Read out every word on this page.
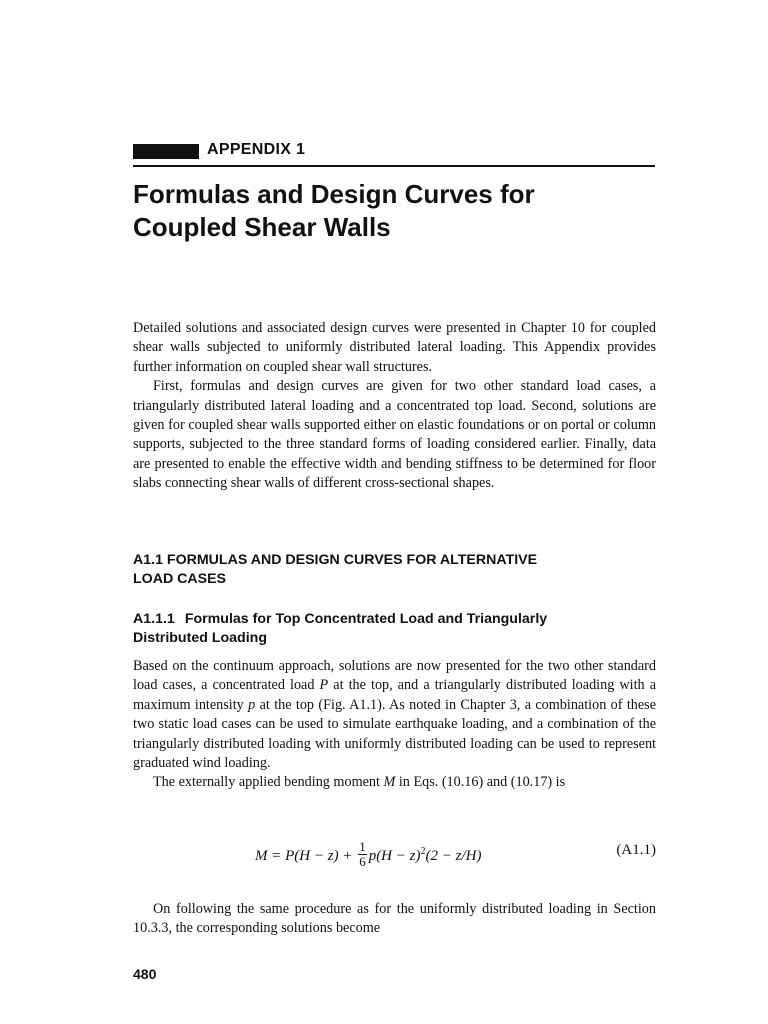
APPENDIX 1
Formulas and Design Curves for
Coupled Shear Walls

Detailed solutions and associated design curves were presented in Chapter 10 for coupled shear walls subjected to uniformly distributed lateral loading. This Appendix provides further information on coupled shear wall structures.

First, formulas and design curves are given for two other standard load cases, a triangularly distributed lateral loading and a concentrated top load. Second, solutions are given for coupled shear walls supported either on elastic foundations or on portal or column supports, subjected to the three standard forms of loading considered earlier. Finally, data are presented to enable the effective width and bending stiffness to be determined for floor slabs connecting shear walls of different cross-sectional shapes.

A1.1 FORMULAS AND DESIGN CURVES FOR ALTERNATIVE
LOAD CASES
A1.1.1 Formulas for Top Concentrated Load and Triangularly
Distributed Loading

Based on the continuum approach, solutions are now presented for the two other standard load cases, a concentrated load P at the top, and a triangularly distributed loading with a maximum intensity p at the top (Fig. A1.1). As noted in Chapter 3, a combination of these two static load cases can be used to simulate earthquake loading, and a combination of the triangularly distributed loading with uniformly distributed loading can be used to represent graduated wind loading.

The externally applied bending moment M in Eqs. (10.16) and (10.17) is

$M = P(H - z) + \frac{1}{6} p(H - z)^2(2 - z/H)$	(A1.1)

On following the same procedure as for the uniformly distributed loading in Section 10.3.3, the corresponding solutions become

480
